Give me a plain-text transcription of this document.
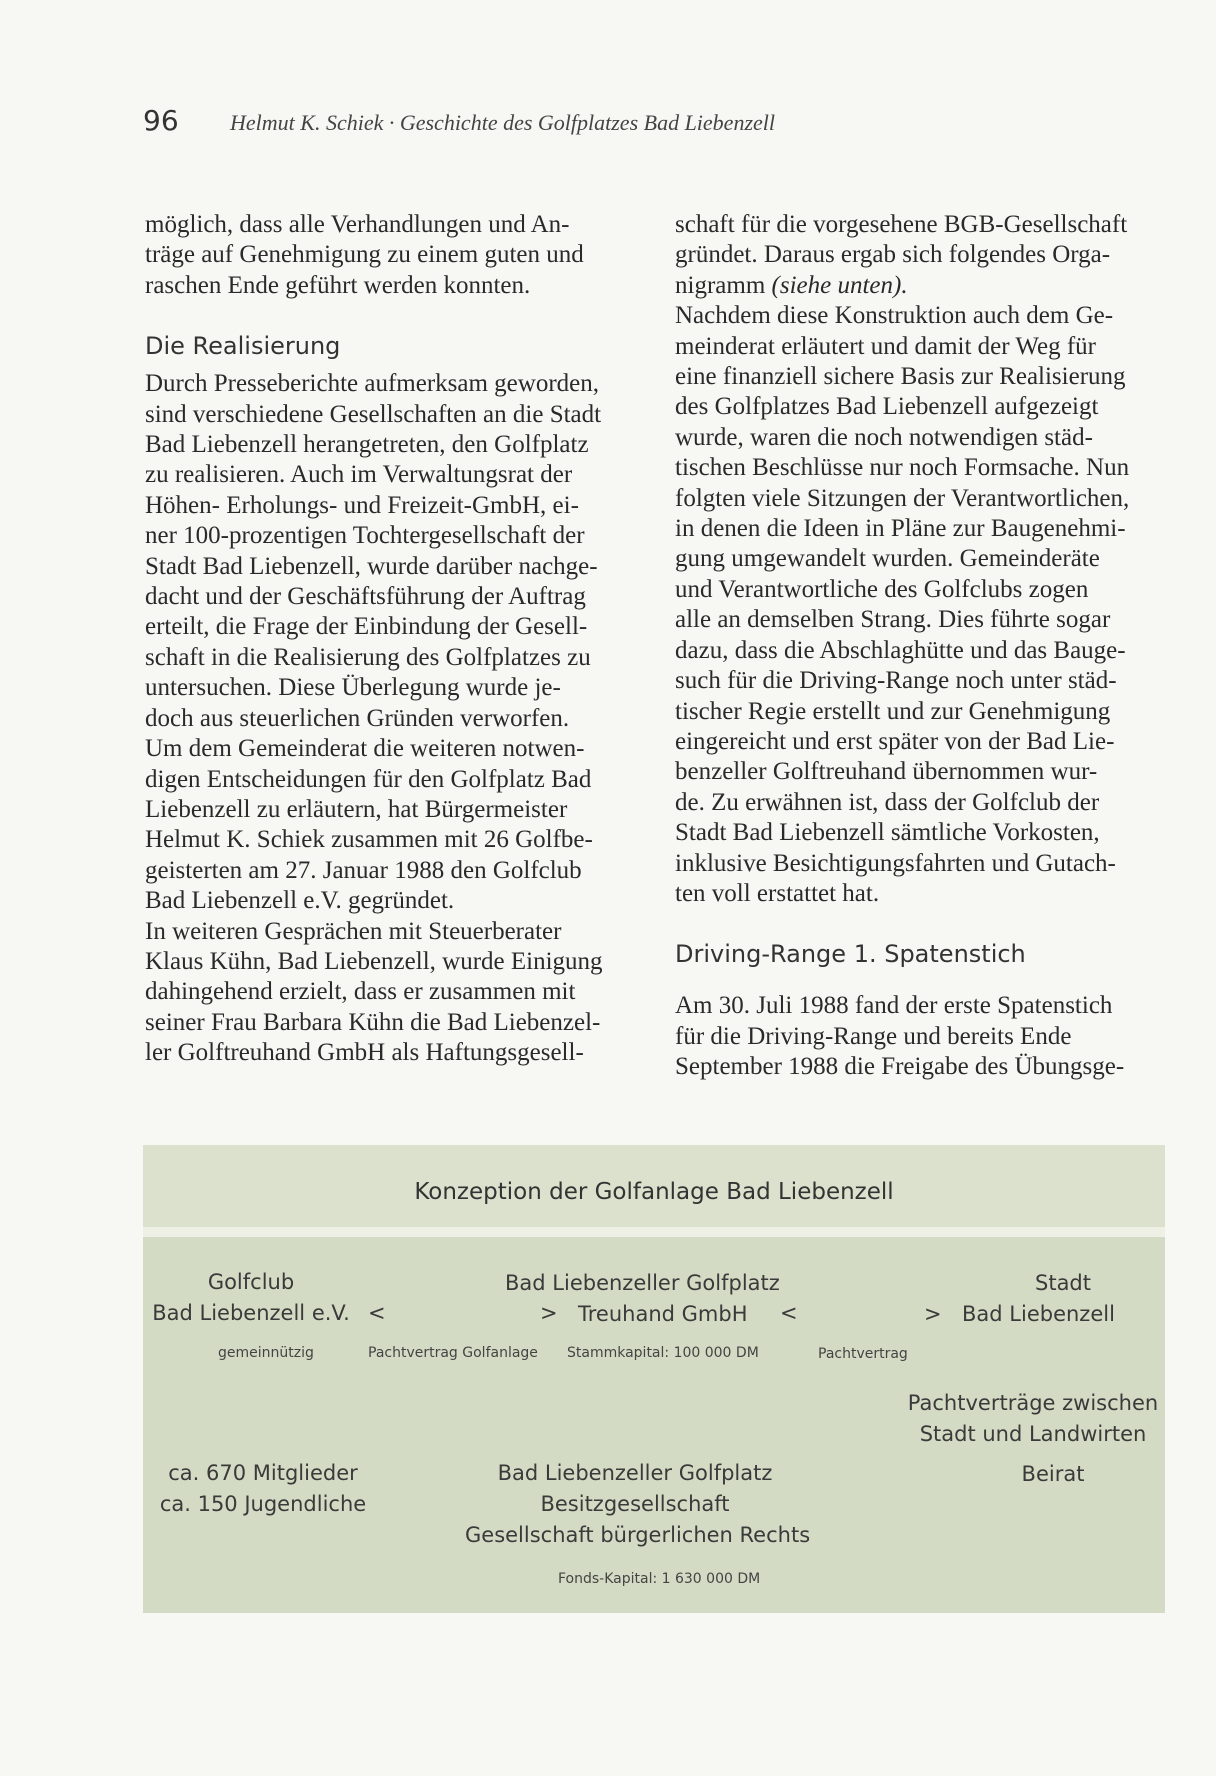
96 Helmut K. Schiek · Geschichte des Golfplatzes Bad Liebenzell

möglich, dass alle Verhandlungen und An-
träge auf Genehmigung zu einem guten und
raschen Ende geführt werden konnten.

Die Realisierung

Durch Presseberichte aufmerksam geworden,
sind verschiedene Gesellschaften an die Stadt
Bad Liebenzell herangetreten, den Golfplatz
zu realisieren. Auch im Verwaltungsrat der
Höhen- Erholungs- und Freizeit-GmbH, ei-
ner 100-prozentigen Tochtergesellschaft der
Stadt Bad Liebenzell, wurde darüber nachge-
dacht und der Geschäftsführung der Auftrag
erteilt, die Frage der Einbindung der Gesell-
schaft in die Realisierung des Golfplatzes zu
untersuchen. Diese Überlegung wurde je-
doch aus steuerlichen Gründen verworfen.
Um dem Gemeinderat die weiteren notwen-
digen Entscheidungen für den Golfplatz Bad
Liebenzell zu erläutern, hat Bürgermeister
Helmut K. Schiek zusammen mit 26 Golfbe-
geisterten am 27. Januar 1988 den Golfclub
Bad Liebenzell e.V. gegründet.

In weiteren Gesprächen mit Steuerberater
Klaus Kühn, Bad Liebenzell, wurde Einigung
dahingehend erzielt, dass er zusammen mit
seiner Frau Barbara Kühn die Bad Liebenzel-
ler Golftreuhand GmbH als Haftungsgesell-

schaft für die vorgesehene BGB-Gesellschaft
gründet. Daraus ergab sich folgendes Orga-
nigramm (siehe unten).

Nachdem diese Konstruktion auch dem Ge-
meinderat erläutert und damit der Weg für
eine finanziell sichere Basis zur Realisierung
des Golfplatzes Bad Liebenzell aufgezeigt
wurde, waren die noch notwendigen städ-
tischen Beschlüsse nur noch Formsache. Nun
folgten viele Sitzungen der Verantwortlichen,
in denen die Ideen in Pläne zur Baugenehmi-
gung umgewandelt wurden. Gemeinderäte
und Verantwortliche des Golfclubs zogen
alle an demselben Strang. Dies führte sogar
dazu, dass die Abschlaghütte und das Bauge-
such für die Driving-Range noch unter städ-
tischer Regie erstellt und zur Genehmigung
eingereicht und erst später von der Bad Lie-
benzeller Golftreuhand übernommen wur-
de. Zu erwähnen ist, dass der Golfclub der
Stadt Bad Liebenzell sämtliche Vorkosten,
inklusive Besichtigungsfahrten und Gutach-
ten voll erstattet hat.

Driving-Range 1. Spatenstich

Am 30. Juli 1988 fand der erste Spatenstich
für die Driving-Range und bereits Ende
September 1988 die Freigabe des Übungsge-

Konzeption der Golfanlage Bad Liebenzell
Golfclub
Bad Liebenzell e.V. <	>
Bad Liebenzeller Golfplatz
Treuhand GmbH <	>
Stadt
Bad Liebenzell
gemeinnützig	Pachtvertrag Golfanlage Stammkapital: 100 000 DM	Pachtvertrag
Pachtverträge zwischen
Stadt und Landwirten
ca. 670 Mitglieder
ca. 150 Jugendliche
Bad Liebenzeller Golfplatz
Besitzgesellschaft
Gesellschaft bürgerlichen Rechts
Beirat
Fonds-Kapital: 1 630 000 DM
